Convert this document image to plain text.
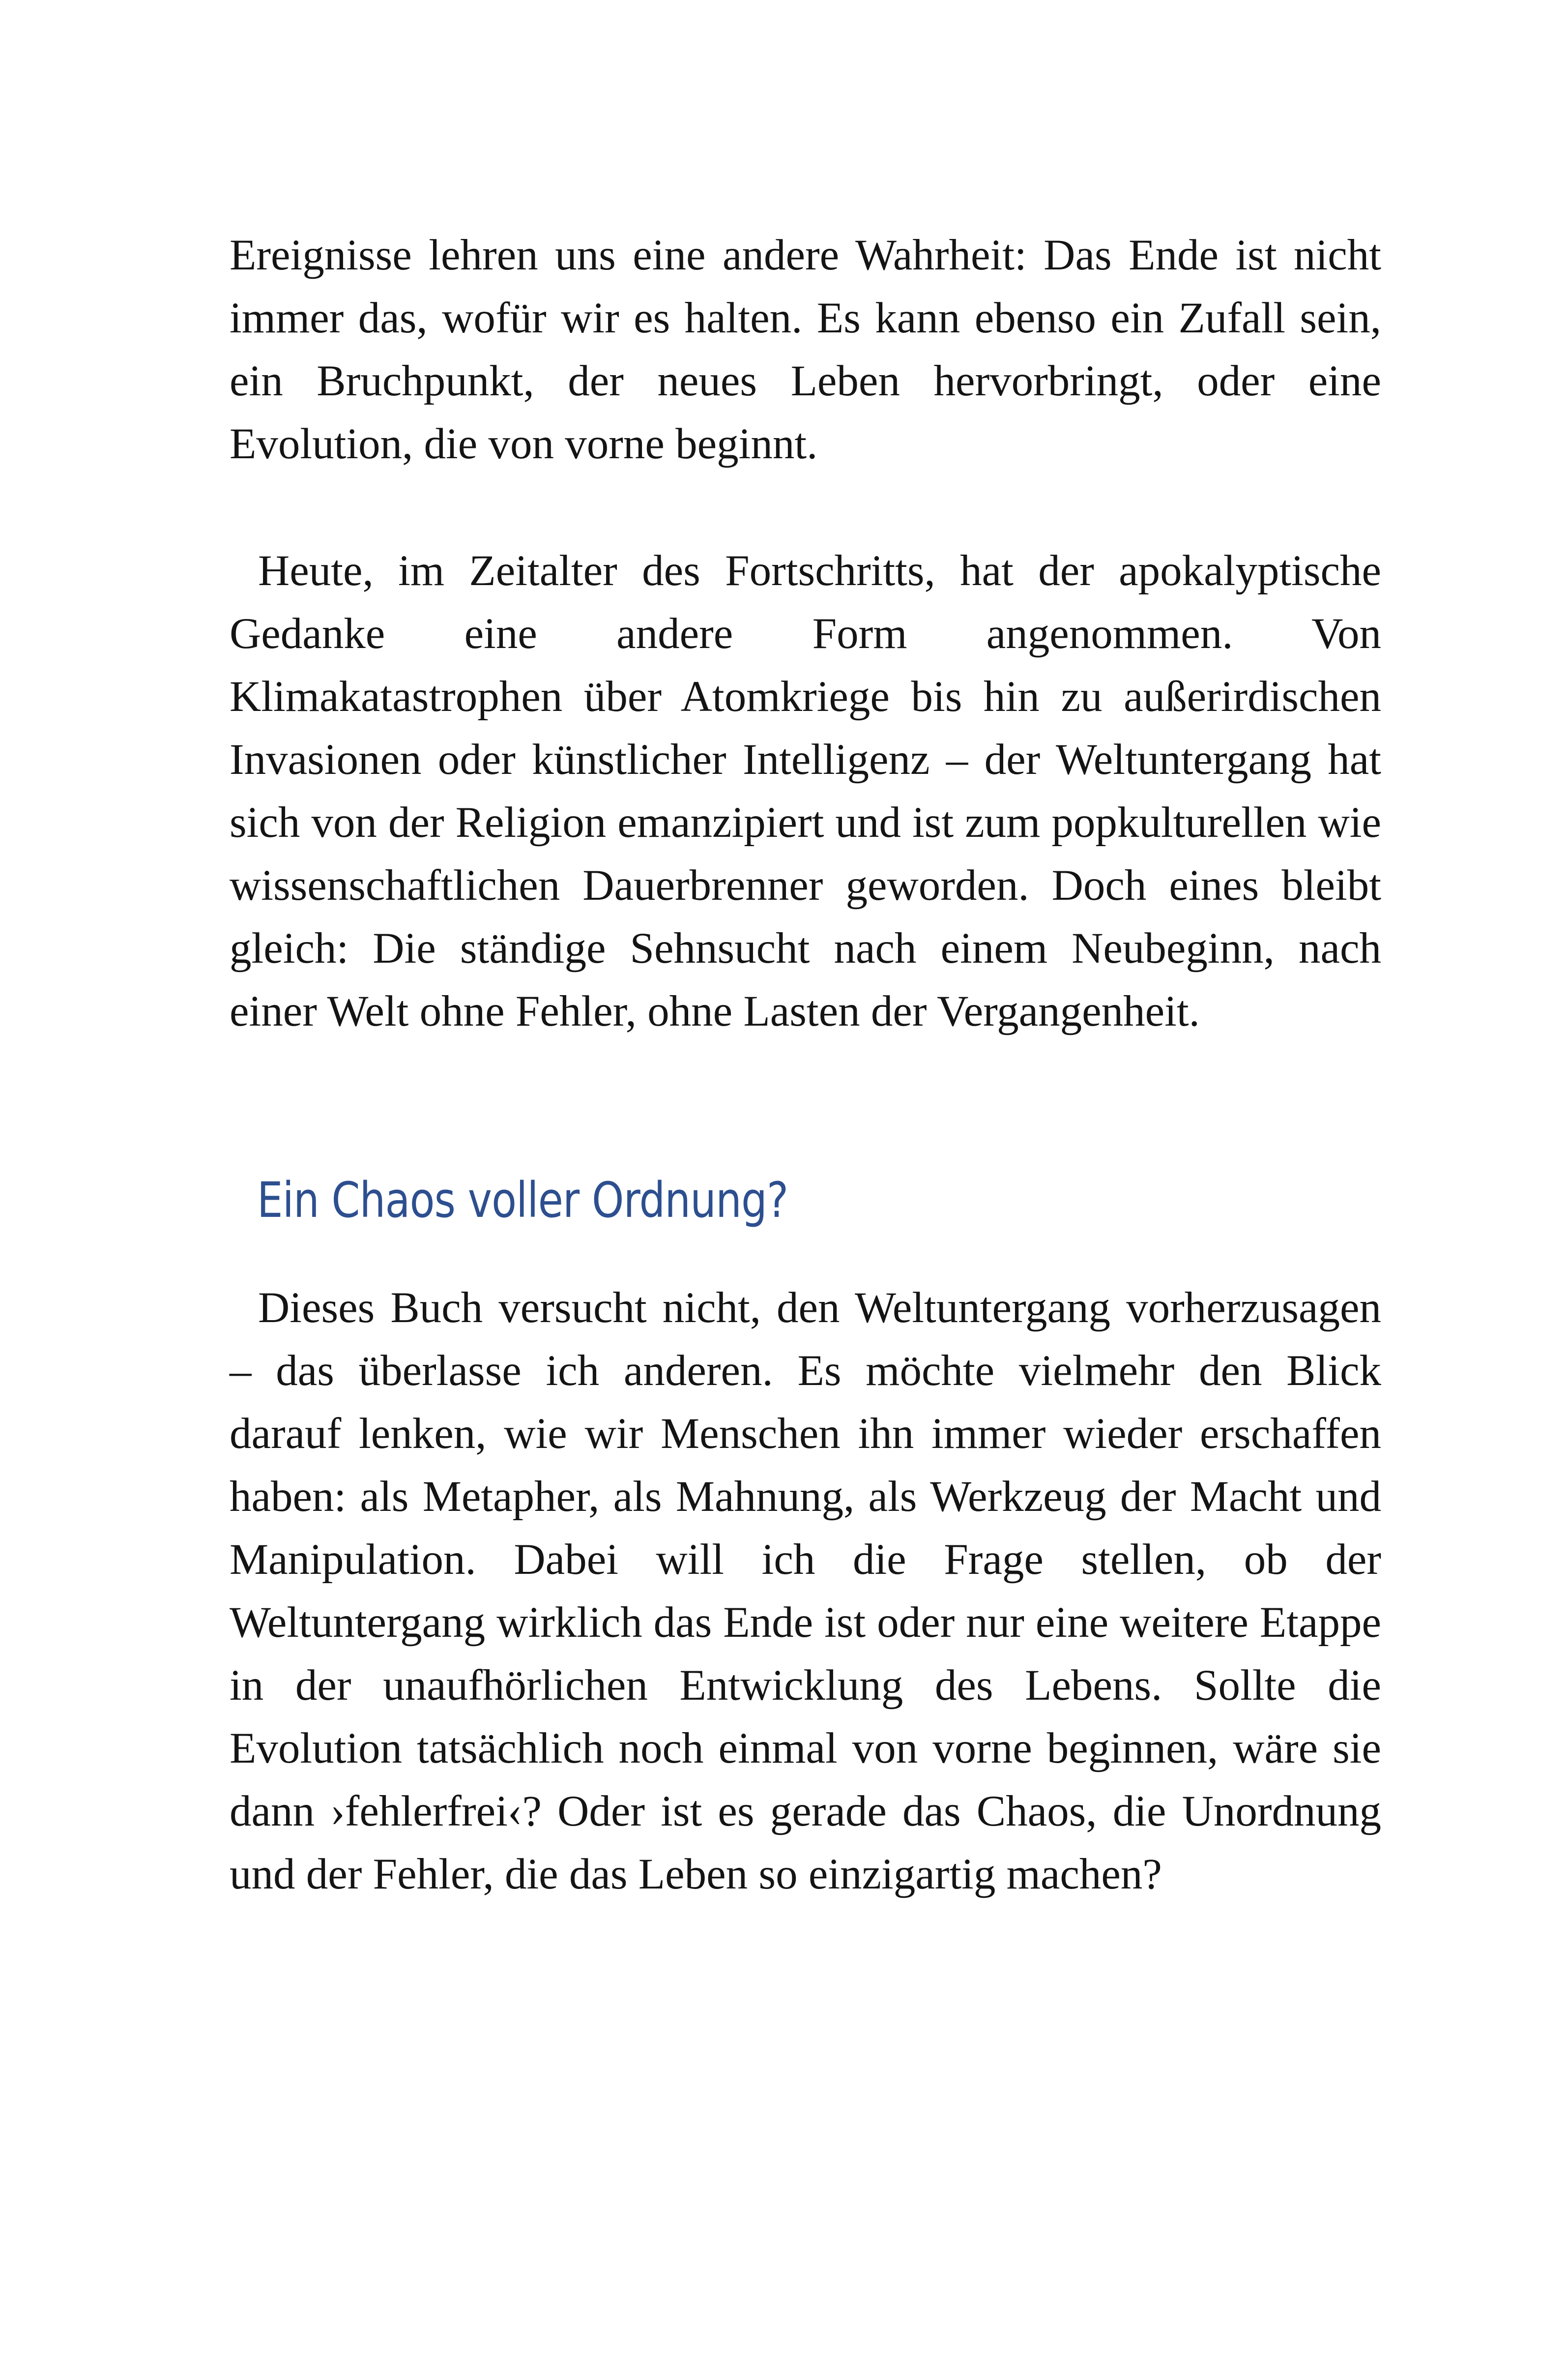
Ereignisse lehren uns eine andere Wahrheit: Das Ende ist nicht immer das, wofür wir es halten. Es kann ebenso ein Zufall sein, ein Bruchpunkt, der neues Leben hervorbringt, oder eine Evolution, die von vorne beginnt.

Heute, im Zeitalter des Fortschritts, hat der apokalyptische Gedanke eine andere Form angenommen. Von Klimakatastrophen über Atomkriege bis hin zu außerirdischen Invasionen oder künstlicher Intelligenz – der Weltuntergang hat sich von der Religion emanzipiert und ist zum popkulturellen wie wissenschaftlichen Dauerbrenner geworden. Doch eines bleibt gleich: Die ständige Sehnsucht nach einem Neubeginn, nach einer Welt ohne Fehler, ohne Lasten der Vergangenheit.

Ein Chaos voller Ordnung?

Dieses Buch versucht nicht, den Weltuntergang vorherzusagen – das überlasse ich anderen. Es möchte vielmehr den Blick darauf lenken, wie wir Menschen ihn immer wieder erschaffen haben: als Metapher, als Mahnung, als Werkzeug der Macht und Manipulation. Dabei will ich die Frage stellen, ob der Weltuntergang wirklich das Ende ist oder nur eine weitere Etappe in der unaufhörlichen Entwicklung des Lebens. Sollte die Evolution tatsächlich noch einmal von vorne beginnen, wäre sie dann ›fehlerfrei‹? Oder ist es gerade das Chaos, die Unordnung und der Fehler, die das Leben so einzigartig machen?
